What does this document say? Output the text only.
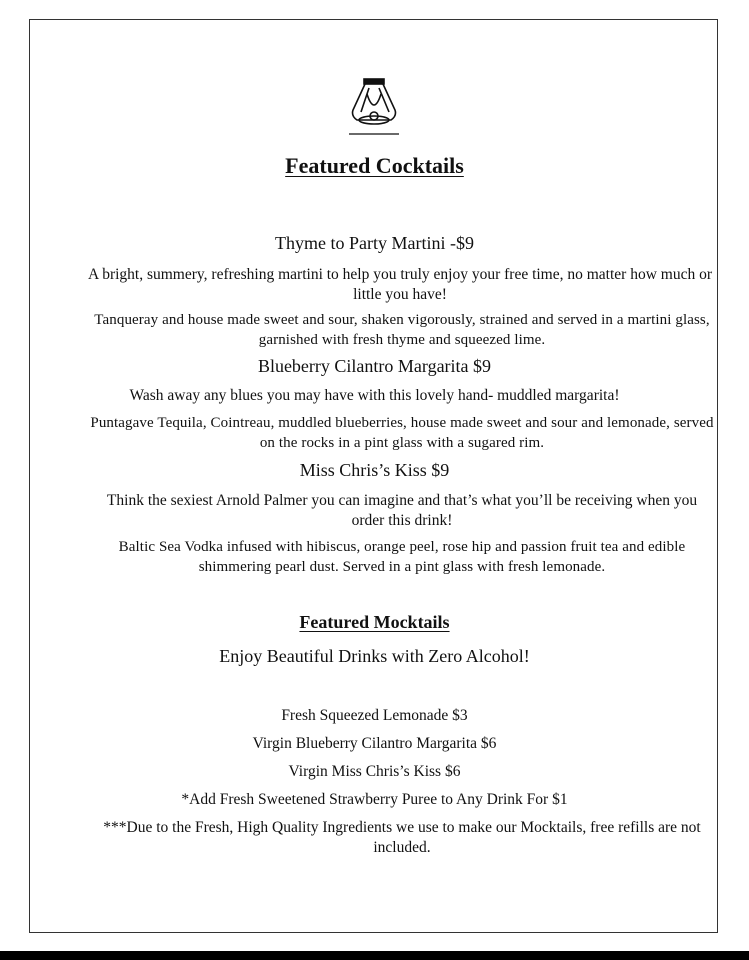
Featured Cocktails
Thyme to Party Martini -$9
A bright, summery, refreshing martini to help you truly enjoy your free time, no matter how much or little you have!
Tanqueray and house made sweet and sour, shaken vigorously, strained and served in a martini glass, garnished with fresh thyme and squeezed lime.
Blueberry Cilantro Margarita $9
Wash away any blues you may have with this lovely hand- muddled margarita!
Puntagave Tequila, Cointreau, muddled blueberries, house made sweet and sour and lemonade, served on the rocks in a pint glass with a sugared rim.
Miss Chris’s Kiss $9
Think the sexiest Arnold Palmer you can imagine and that’s what you’ll be receiving when you order this drink!
Baltic Sea Vodka infused with hibiscus, orange peel, rose hip and passion fruit tea and edible shimmering pearl dust. Served in a pint glass with fresh lemonade.
Featured Mocktails
Enjoy Beautiful Drinks with Zero Alcohol!
Fresh Squeezed Lemonade $3
Virgin Blueberry Cilantro Margarita $6
Virgin Miss Chris’s Kiss $6
*Add Fresh Sweetened Strawberry Puree to Any Drink For $1
***Due to the Fresh, High Quality Ingredients we use to make our Mocktails, free refills are not included.
